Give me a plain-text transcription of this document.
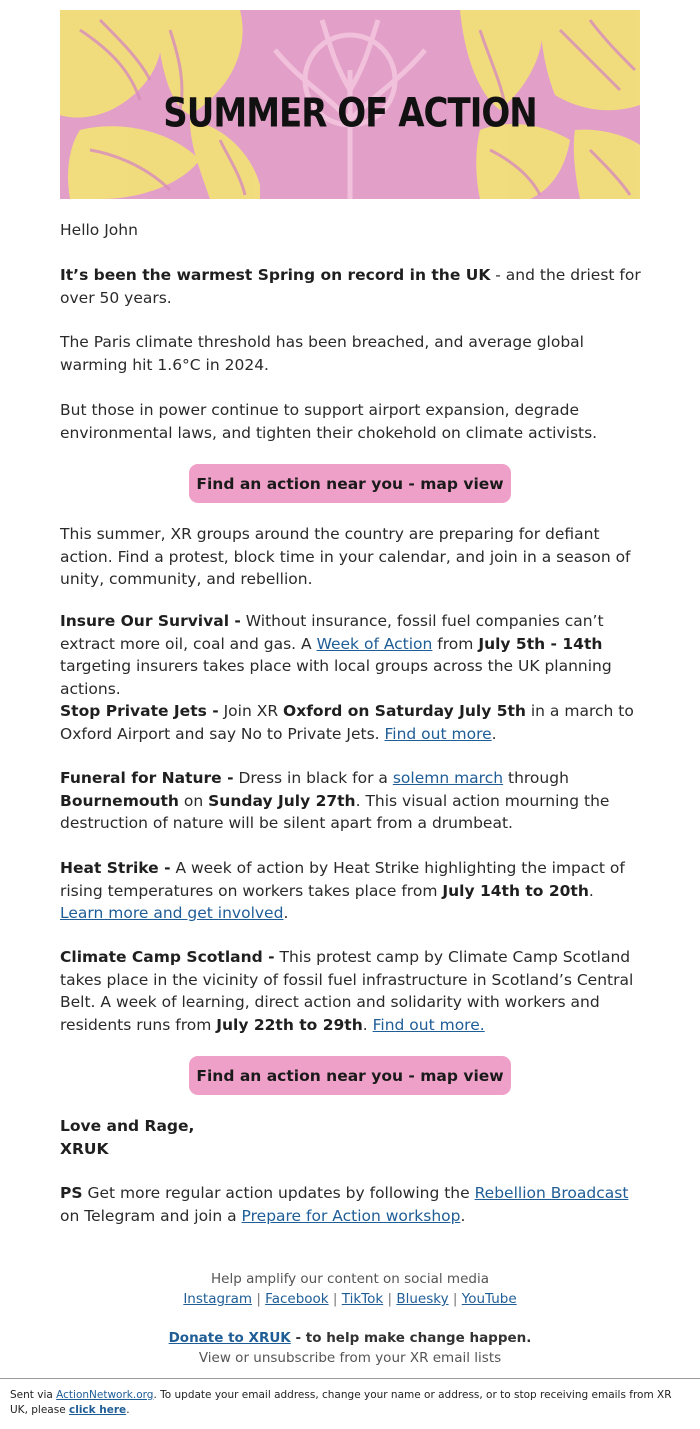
SUMMER OF ACTION

Hello John

It’s been the warmest Spring on record in the UK - and the driest for over 50 years.

The Paris climate threshold has been breached, and average global warming hit 1.6°C in 2024.

But those in power continue to support airport expansion, degrade environmental laws, and tighten their chokehold on climate activists.

Find an action near you - map view

This summer, XR groups around the country are preparing for defiant action. Find a protest, block time in your calendar, and join in a season of unity, community, and rebellion.

Insure Our Survival - Without insurance, fossil fuel companies can’t extract more oil, coal and gas. A Week of Action from July 5th - 14th targeting insurers takes place with local groups across the UK planning actions.

Stop Private Jets - Join XR Oxford on Saturday July 5th in a march to Oxford Airport and say No to Private Jets. Find out more.

Funeral for Nature - Dress in black for a solemn march through
Bournemouth on Sunday July 27th. This visual action mourning the destruction of nature will be silent apart from a drumbeat.

Heat Strike - A week of action by Heat Strike highlighting the impact of rising temperatures on workers takes place from July 14th to 20th. Learn more and get involved.

Climate Camp Scotland - This protest camp by Climate Camp Scotland takes place in the vicinity of fossil fuel infrastructure in Scotland’s Central Belt. A week of learning, direct action and solidarity with workers and residents runs from July 22th to 29th. Find out more.

Find an action near you - map view

Love and Rage,
XRUK

PS Get more regular action updates by following the Rebellion Broadcast on Telegram and join a Prepare for Action workshop.

Help amplify our content on social media
Instagram | Facebook | TikTok | Bluesky | YouTube
Donate to XRUK - to help make change happen.
View or unsubscribe from your XR email lists

Sent via ActionNetwork.org. To update your email address, change your name or address, or to stop receiving emails from XR UK, please click here.
